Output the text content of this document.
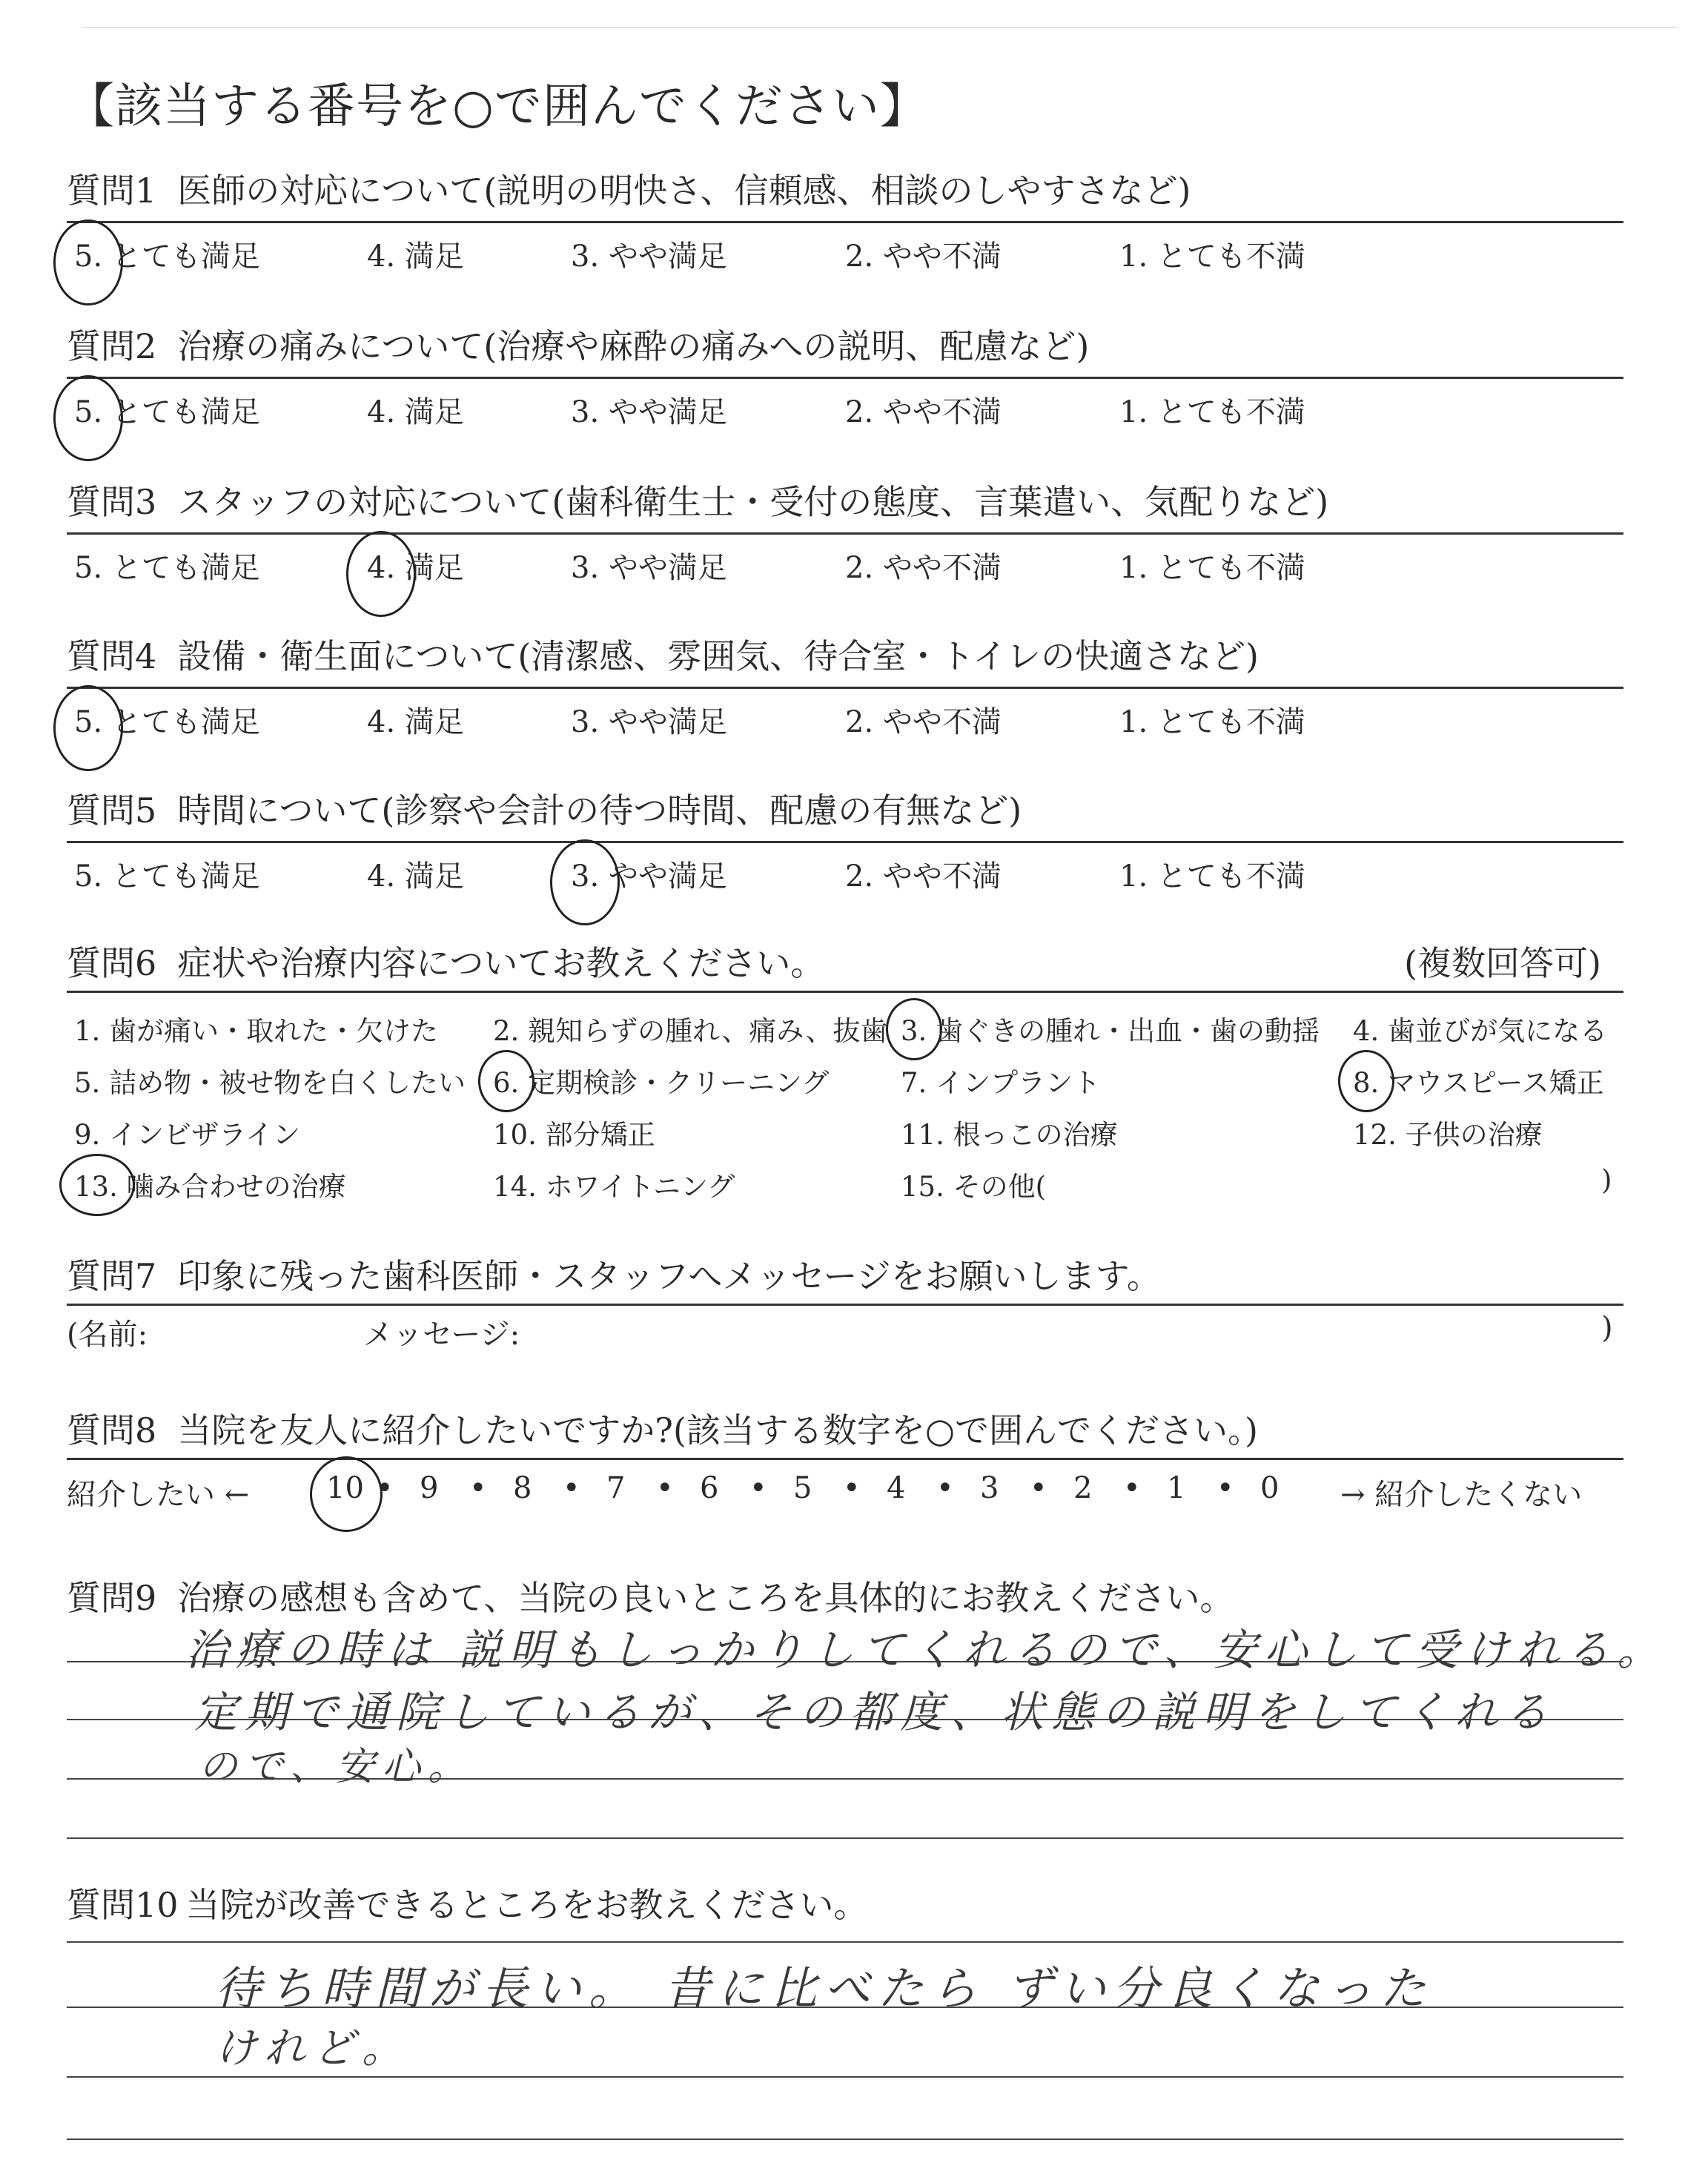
【該当する番号を○で囲んでください】
質問1 医師の対応について(説明の明快さ、信頼感、相談のしやすさなど)
5. とても満足	4. 満足	3. やや満足	2. やや不満	1. とても不満
質問2 治療の痛みについて(治療や麻酔の痛みへの説明、配慮など)
5. とても満足	4. 満足	3. やや満足	2. やや不満	1. とても不満
質問3 スタッフの対応について(歯科衛生士・受付の態度、言葉遣い、気配りなど)
5. とても満足	4. 満足	3. やや満足	2. やや不満	1. とても不満
質問4 設備・衛生面について(清潔感、雰囲気、待合室・トイレの快適さなど)
5. とても満足	4. 満足	3. やや満足	2. やや不満	1. とても不満
質問5 時間について(診察や会計の待つ時間、配慮の有無など)
5. とても満足	4. 満足	3. やや満足	2. やや不満	1. とても不満
質問6 症状や治療内容についてお教えください。	(複数回答可)
1. 歯が痛い・取れた・欠けた 2. 親知らずの腫れ、痛み、抜歯 3. 歯ぐきの腫れ・出血・歯の動揺 4. 歯並びが気になる
5. 詰め物・被せ物を白くしたい 6. 定期検診・クリーニング	7. インプラント	8. マウスピース矯正
9. インビザライン	10. 部分矯正	11. 根っこの治療	12. 子供の治療
13. 噛み合わせの治療	14. ホワイトニング	15. その他(	)
質問7 印象に残った歯科医師・スタッフへメッセージをお願いします。
(名前:	メッセージ:	)
質問8 当院を友人に紹介したいですか?(該当する数字を○で囲んでください。)
紹介したい ←	→ 紹介したくない
10 • 9 • 8 • 7 • 6 • 5 • 4 • 3 • 2 • 1 • 0
質問9 治療の感想も含めて、当院の良いところを具体的にお教えください。
治療の時は 説明もしっかりしてくれるので、安心して受けれる。
定期で通院しているが、その都度、状態の説明をしてくれる
ので、安心。
質問10 当院が改善できるところをお教えください。
待ち時間が長い。 昔に比べたら ずい分良くなった
けれど。
